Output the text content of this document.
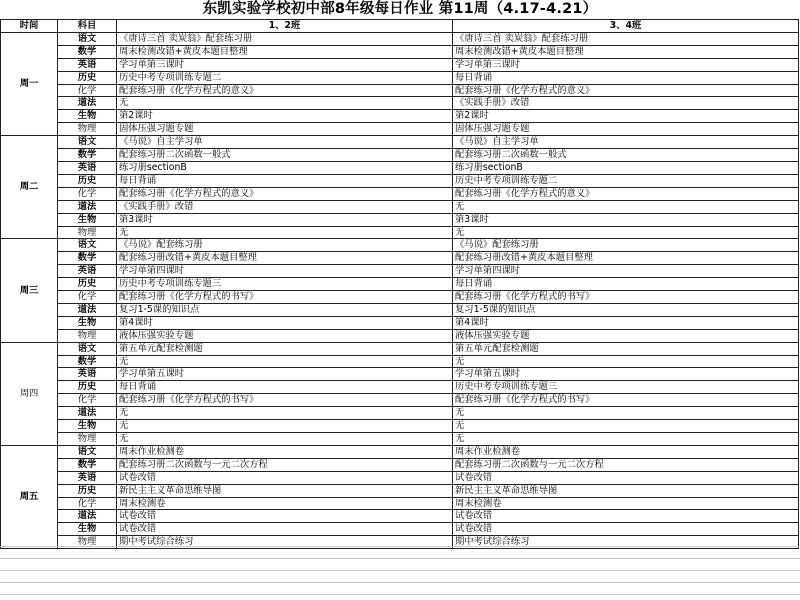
东凯实验学校初中部8年级每日作业 第11周（4.17-4.21）
时间	科目	1、2班	3、4班
周一	语文	《唐诗三首 卖炭翁》配套练习册	《唐诗三首 卖炭翁》配套练习册
	数学	周末检测改错+黄皮本题目整理	周末检测改错+黄皮本题目整理
	英语	学习单第三课时	学习单第三课时
	历史	历史中考专项训练专题二	每日背诵
	化学	配套练习册《化学方程式的意义》	配套练习册《化学方程式的意义》
	道法	无	《实践手册》改错
	生物	第2课时	第2课时
	物理	固体压强习题专题	固体压强习题专题
周二	语文	《马说》自主学习单	《马说》自主学习单
	数学	配套练习册二次函数一般式	配套练习册二次函数一般式
	英语	练习册sectionB	练习册sectionB
	历史	每日背诵	历史中考专项训练专题二
	化学	配套练习册《化学方程式的意义》	配套练习册《化学方程式的意义》
	道法	《实践手册》改错	无
	生物	第3课时	第3课时
	物理	无	无
周三	语文	《马说》配套练习册	《马说》配套练习册
	数学	配套练习册改错+黄皮本题目整理	配套练习册改错+黄皮本题目整理
	英语	学习单第四课时	学习单第四课时
	历史	历史中考专项训练专题三	每日背诵
	化学	配套练习册《化学方程式的书写》	配套练习册《化学方程式的书写》
	道法	复习1-5课的知识点	复习1-5课的知识点
	生物	第4课时	第4课时
	物理	液体压强实验专题	液体压强实验专题
周四	语文	第五单元配套检测题	第五单元配套检测题
	数学	无	无
	英语	学习单第五课时	学习单第五课时
	历史	每日背诵	历史中考专项训练专题三
	化学	配套练习册《化学方程式的书写》	配套练习册《化学方程式的书写》
	道法	无	无
	生物	无	无
	物理	无	无
周五	语文	周末作业检测卷	周末作业检测卷
	数学	配套练习册二次函数与一元二次方程	配套练习册二次函数与一元二次方程
	英语	试卷改错	试卷改错
	历史	新民主主义革命思维导图	新民主主义革命思维导图
	化学	周末检测卷	周末检测卷
	道法	试卷改错	试卷改错
	生物	试卷改错	试卷改错
	物理	期中考试综合练习	期中考试综合练习
